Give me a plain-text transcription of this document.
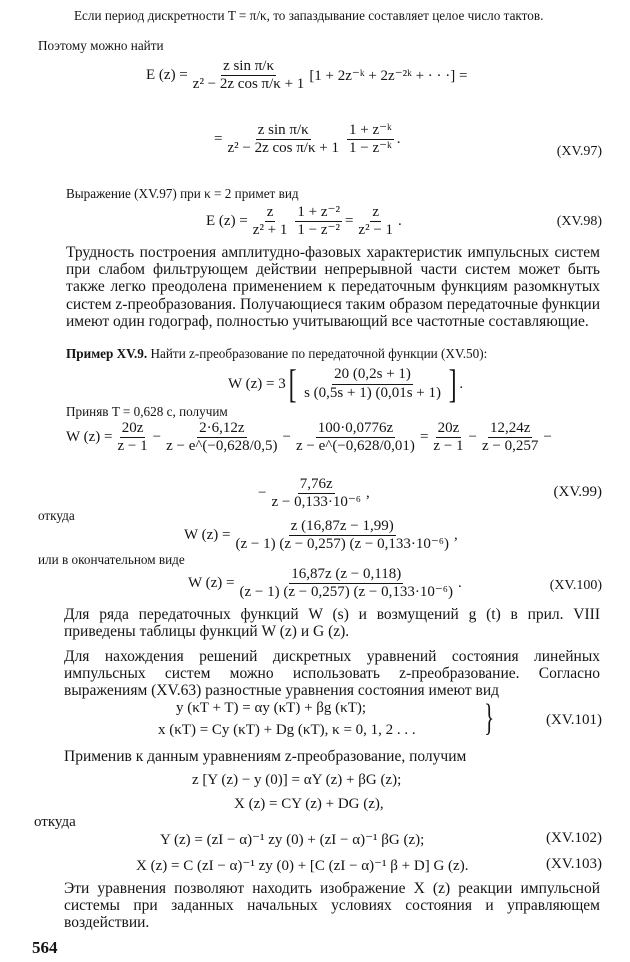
Если период дискретности T = π/κ, то запаздывание составляет целое число тактов.
Поэтому можно найти
E $(z) = \frac{\text{z sin π/κ}}{\text{z² − 2z cos π/κ + 1}} [1$ + 2z⁻ᵏ + 2z⁻²ᵏ + · · ·] =
= $\frac{\text{z sin π/κ}}{\text{z² − 2z cos π/κ + 1}} \frac{\text{1 + z⁻ᵏ}}{\text{1 − z⁻ᵏ}}$ .
(XV.97)
Выражение (XV.97) при κ = 2 примет вид
E $(z) = \frac{z}{\text{z² + 1}} \frac{\text{1 + z⁻²}}{\text{1 − z⁻²}} = \frac{z}{\text{z² − 1}}$ .	(XV.98)
Трудность построения амплитудно-фазовых характеристик импульсных систем при слабом фильтрующем действии непрерывной части систем может быть также легко преодолена применением к передаточным функциям разомкнутых систем z-преобразования. Получающиеся таким образом передаточные функции имеют один годограф, полностью учитывающий все частотные составляющие.
Пример XV.9. Найти z-преобразование по передаточной функции (XV.50):
W (z) = 3 [ $\frac{20 (0,2s + 1)}{s (0,5s + 1) (0,01s + 1)}$ ] .
Приняв T = 0,628 с, получим
W $(z) = \frac{20z}{z - 1} - \frac{2\cdot 6,12z}{z - e\^{}(-0,628/0,5)} - \frac{100\cdot 0,0776z}{z - e\^{}(-0,628/0,01)} = \frac{20z}{z - 1} - \frac{12,24z}{z - 0,257}$ −
− $\frac{7,76z}{\text{z − 0,133·10⁻⁶}}$ ,	(XV.99)
откуда
W $(z) = \frac{z (16,87z - 1,99)}{\text{(z − 1) (z − 0,257) (z − 0,133·10⁻⁶)}}$ ,
или в окончательном виде
W $(z) = \frac{16,87z (z - 0,118)}{\text{(z − 1) (z − 0,257) (z − 0,133·10⁻⁶)}}$ .	(XV.100)
Для ряда передаточных функций W (s) и возмущений g (t) в прил. VIII приведены таблицы функций W (z) и G (z).
Для нахождения решений дискретных уравнений состояния линейных импульсных систем можно использовать z-преобразование. Согласно выражениям (XV.63) разностные уравнения состояния имеют вид
y (κT + T) = αy (κT) + βg (κT);
x (κT) = Cy (κT) + Dg (κT), κ = 0, 1, 2 . . . }	(XV.101)
Применив к данным уравнениям z-преобразование, получим
z [Y (z) − y (0)] = αY (z) + βG (z);
X (z) = CY (z) + DG (z),
откуда
Y (z) = (zI − α)⁻¹ zy (0) + (zI − α)⁻¹ βG (z);	(XV.102)
X (z) = C (zI − α)⁻¹ zy (0) + [C (zI − α)⁻¹ β + D] G (z).	(XV.103)
Эти уравнения позволяют находить изображение X (z) реакции импульсной системы при заданных начальных условиях состояния и управляющем воздействии.
564
